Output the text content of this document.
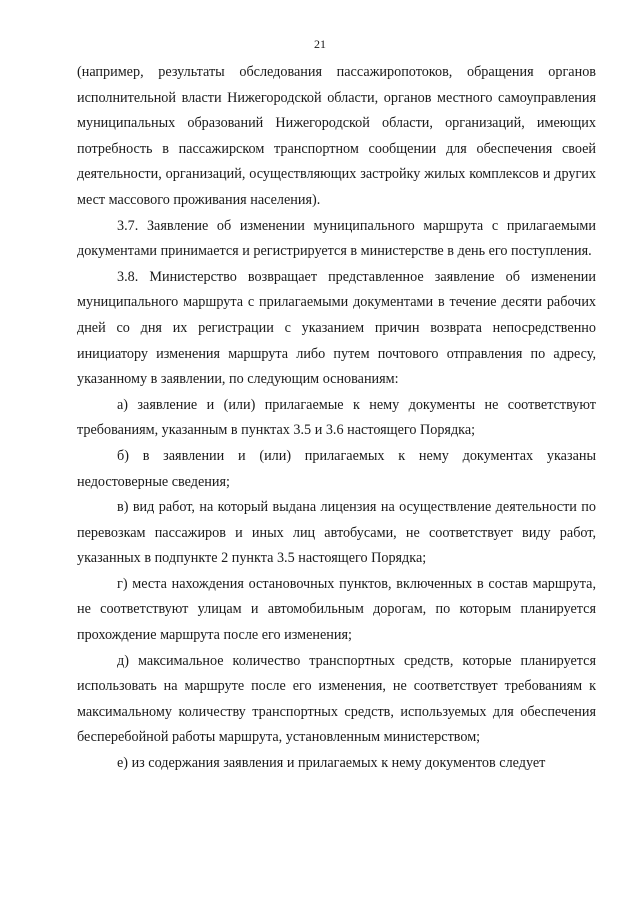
21

(например, результаты обследования пассажиропотоков, обращения органов исполнительной власти Нижегородской области, органов местного самоуправления муниципальных образований Нижегородской области, организаций, имеющих потребность в пассажирском транспортном сообщении для обеспечения своей деятельности, организаций, осуществляющих застройку жилых комплексов и других мест массового проживания населения).

3.7. Заявление об изменении муниципального маршрута с прилагаемыми документами принимается и регистрируется в министерстве в день его поступления.

3.8. Министерство возвращает представленное заявление об изменении муниципального маршрута с прилагаемыми документами в течение десяти рабочих дней со дня их регистрации с указанием причин возврата непосредственно инициатору изменения маршрута либо путем почтового отправления по адресу, указанному в заявлении, по следующим основаниям:

а) заявление и (или) прилагаемые к нему документы не соответствуют требованиям, указанным в пунктах 3.5 и 3.6 настоящего Порядка;

б) в заявлении и (или) прилагаемых к нему документах указаны недостоверные сведения;

в) вид работ, на который выдана лицензия на осуществление деятельности по перевозкам пассажиров и иных лиц автобусами, не соответствует виду работ, указанных в подпункте 2 пункта 3.5 настоящего Порядка;

г) места нахождения остановочных пунктов, включенных в состав маршрута, не соответствуют улицам и автомобильным дорогам, по которым планируется прохождение маршрута после его изменения;

д) максимальное количество транспортных средств, которые планируется использовать на маршруте после его изменения, не соответствует требованиям к максимальному количеству транспортных средств, используемых для обеспечения бесперебойной работы маршрута, установленным министерством;

е) из содержания заявления и прилагаемых к нему документов следует
